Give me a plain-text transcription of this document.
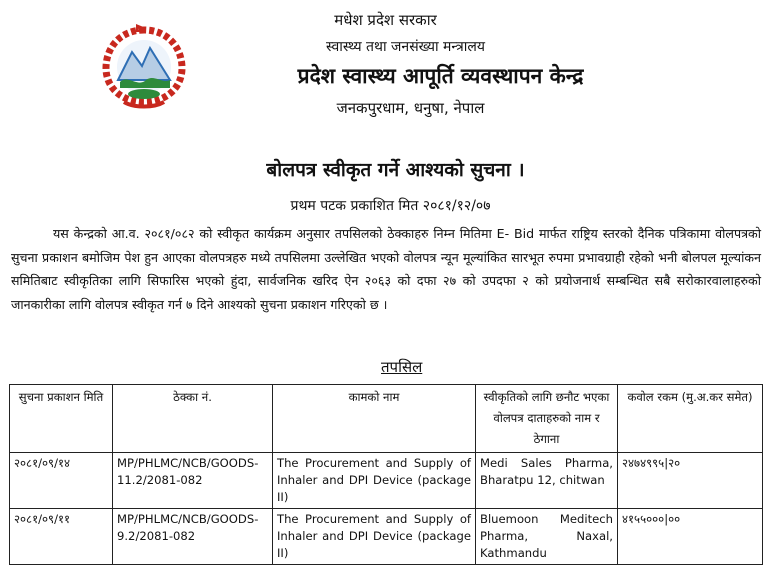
मधेश प्रदेश सरकार
स्वास्थ्य तथा जनसंख्या मन्त्रालय
प्रदेश स्वास्थ्य आपूर्ति व्यवस्थापन केन्द्र
जनकपुरधाम, धनुषा, नेपाल
बोलपत्र स्वीकृत गर्ने आश्यको सुचना ।
प्रथम पटक प्रकाशित मित २०८१/१२/०७

यस केन्द्रको आ.व. २०८१/०८२ को स्वीकृत कार्यक्रम अनुसार तपसिलको ठेक्काहरु निम्न मितिमा E- Bid मार्फत राष्ट्रिय स्तरको दैनिक पत्रिकामा वोलपत्रको सुचना प्रकाशन बमोजिम पेश हुन आएका वोलपत्रहरु मध्ये तपसिलमा उल्लेखित भएको वोलपत्र न्यून मूल्यांकित सारभूत रुपमा प्रभावग्राही रहेको भनी बोलपल मूल्यांकन समितिबाट स्वीकृतिका लागि सिफारिस भएको हुंदा, सार्वजनिक खरिद ऐन २०६३ को दफा २७ को उपदफा २ को प्रयोजनार्थ सम्बन्धित सबै सरोकारवालाहरुको जानकारीका लागि वोलपत्र स्वीकृत गर्न ७ दिने आश्यको सुचना प्रकाशन गरिएको छ ।

तपसिल
सुचना प्रकाशन मिति	ठेक्का नं.	कामको नाम	स्वीकृतिको लागि छनौट भएका वोलपत्र दाताहरुको नाम र ठेगाना	कवोल रकम (मु.अ.कर समेत)
२०८१/०९/१४	MP/PHLMC/NCB/GOODS-11.2/2081-082	The Procurement and Supply of Inhaler and DPI Device (package II)	Medi Sales Pharma, Bharatpu 12, chitwan	२४७४९९५|२०
२०८१/०९/११	MP/PHLMC/NCB/GOODS-9.2/2081-082	The Procurement and Supply of Inhaler and DPI Device (package II)	Bluemoon Meditech Pharma, Naxal, Kathmandu	४१५५०००|००
